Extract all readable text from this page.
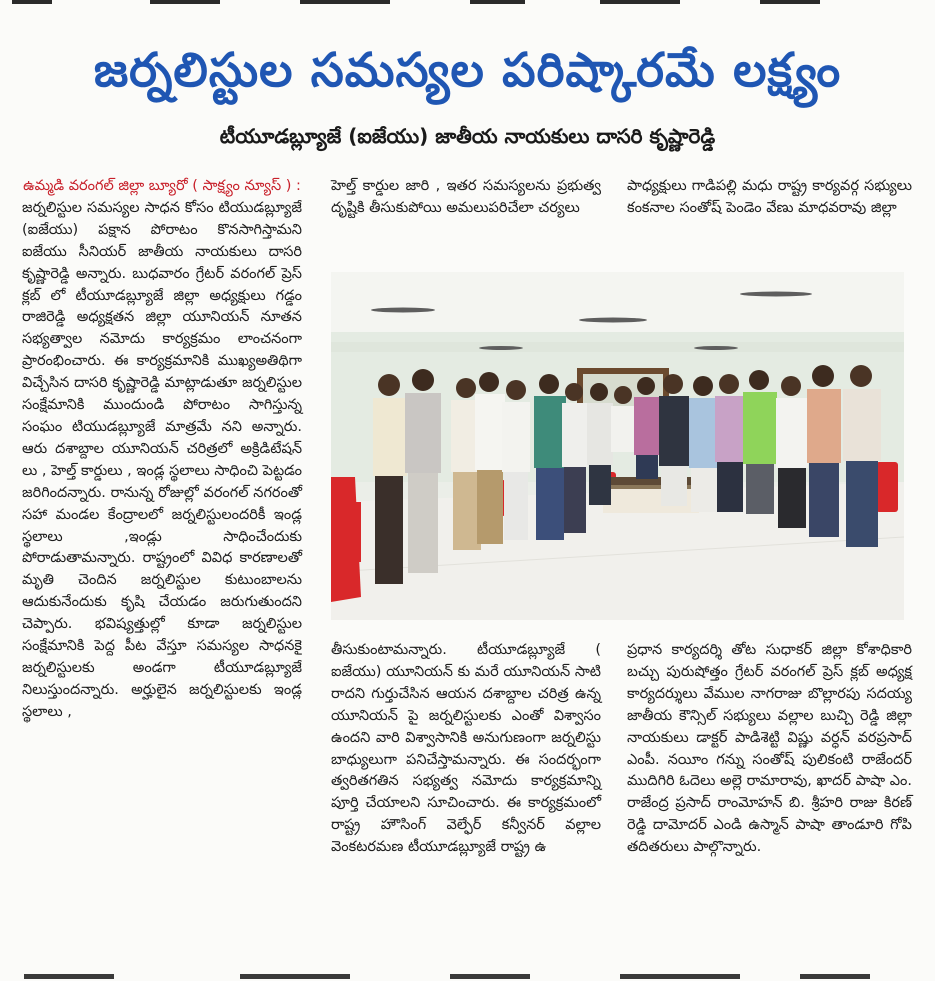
జర్నలిస్టుల సమస్యల పరిష్కారమే లక్ష్యం
టీయూడబ్ల్యూజే (ఐజేయు) జాతీయ నాయకులు దాసరి కృష్ణారెడ్డి

ఉమ్మడి వరంగల్ జిల్లా బ్యూరో ( సాక్ష్యం న్యూస్ ) :

జర్నలిస్టుల సమస్యల సాధన కోసం టియుడబ్ల్యూజే (ఐజేయు) పక్షాన పోరాటం కొనసాగిస్తామని ఐజేయు సీనియర్ జాతీయ నాయకులు దాసరి కృష్ణారెడ్డి అన్నారు. బుధవారం గ్రేటర్ వరంగల్ ప్రెస్ క్లబ్ లో టీయూడబ్ల్యూజే జిల్లా అధ్యక్షులు గడ్డం రాజిరెడ్డి అధ్యక్షతన జిల్లా యూనియన్ నూతన సభ్యత్వాల నమోదు కార్యక్రమం లాంచనంగా ప్రారంభించారు. ఈ కార్యక్రమానికి ముఖ్యఅతిథిగా విచ్చేసిన దాసరి కృష్ణారెడ్డి మాట్లాడుతూ జర్నలిస్టుల సంక్షేమానికి ముందుండి పోరాటం సాగిస్తున్న సంఘం టియుడబ్ల్యూజే మాత్రమే నని అన్నారు. ఆరు దశాబ్దాల యూనియన్ చరిత్రలో అక్రిడిటేషన్ లు , హెల్త్ కార్డులు , ఇండ్ల స్థలాలు సాధించి పెట్టడం జరిగిందన్నారు. రానున్న రోజుల్లో వరంగల్ నగరంతో సహా మండల కేంద్రాలలో జర్నలిస్టులందరికీ ఇండ్ల స్థలాలు ,ఇండ్లు సాధించేందుకు పోరాడుతామన్నారు. రాష్ట్రంలో వివిధ కారణాలతో మృతి చెందిన జర్నలిస్టుల కుటుంబాలను ఆదుకునేందుకు కృషి చేయడం జరుగుతుందని చెప్పారు. భవిష్యత్తుల్లో కూడా జర్నలిస్టుల సంక్షేమానికి పెద్ద పీట వేస్తూ సమస్యల సాధనకై జర్నలిస్టులకు అండగా టీయూడబ్ల్యూజే నిలుస్తుందన్నారు. అర్హులైన జర్నలిస్టులకు ఇండ్ల స్థలాలు ,

హెల్త్ కార్డుల జారి , ఇతర సమస్యలను ప్రభుత్వ దృష్టికి తీసుకుపోయి అమలుపరిచేలా చర్యలు

పాధ్యక్షులు గాడిపల్లి మధు రాష్ట్ర కార్యవర్గ సభ్యులు కంకనాల సంతోష్ పెండెం వేణు మాధవరావు జిల్లా

తీసుకుంటామన్నారు. టీయూడబ్ల్యూజే ( ఐజేయు) యూనియన్ కు మరే యూనియన్ సాటి రాదని గుర్తుచేసిన ఆయన దశాబ్దాల చరిత్ర ఉన్న యూనియన్ పై జర్నలిస్టులకు ఎంతో విశ్వాసం ఉందని వారి విశ్వాసానికి అనుగుణంగా జర్నలిస్టు బాధ్యులుగా పనిచేస్తామన్నారు. ఈ సందర్భంగా త్వరితగతిన సభ్యత్వ నమోదు కార్యక్రమాన్ని పూర్తి చేయాలని సూచించారు. ఈ కార్యక్రమంలో రాష్ట్ర హౌసింగ్ వెల్ఫేర్ కన్వీనర్ వల్లాల వెంకటరమణ టీయూడబ్ల్యూజే రాష్ట్ర ఉ

ప్రధాన కార్యదర్శి తోట సుధాకర్ జిల్లా కోశాధికారి బచ్చు పురుషోత్తం గ్రేటర్ వరంగల్ ప్రెస్ క్లబ్ అధ్యక్ష కార్యదర్శులు వేముల నాగరాజు బొల్లారపు సదయ్య జాతీయ కౌన్సిల్ సభ్యులు వల్లాల బుచ్చి రెడ్డి జిల్లా నాయకులు డాక్టర్ పాడిశెట్టి విష్ణు వర్ధన్ వరప్రసాద్ ఎంపీ. నయీం గన్ను సంతోష్ పులికంటి రాజేందర్ ముదిగిరి ఓదెలు అల్లె రామారావు, ఖాదర్ పాషా ఎం. రాజేంద్ర ప్రసాద్ రాంమోహన్ బి. శ్రీహరి రాజు కిరణ్ రెడ్డి దామోదర్ ఎండి ఉస్మాన్ పాషా తాండూరి గోపి తదితరులు పాల్గొన్నారు.
